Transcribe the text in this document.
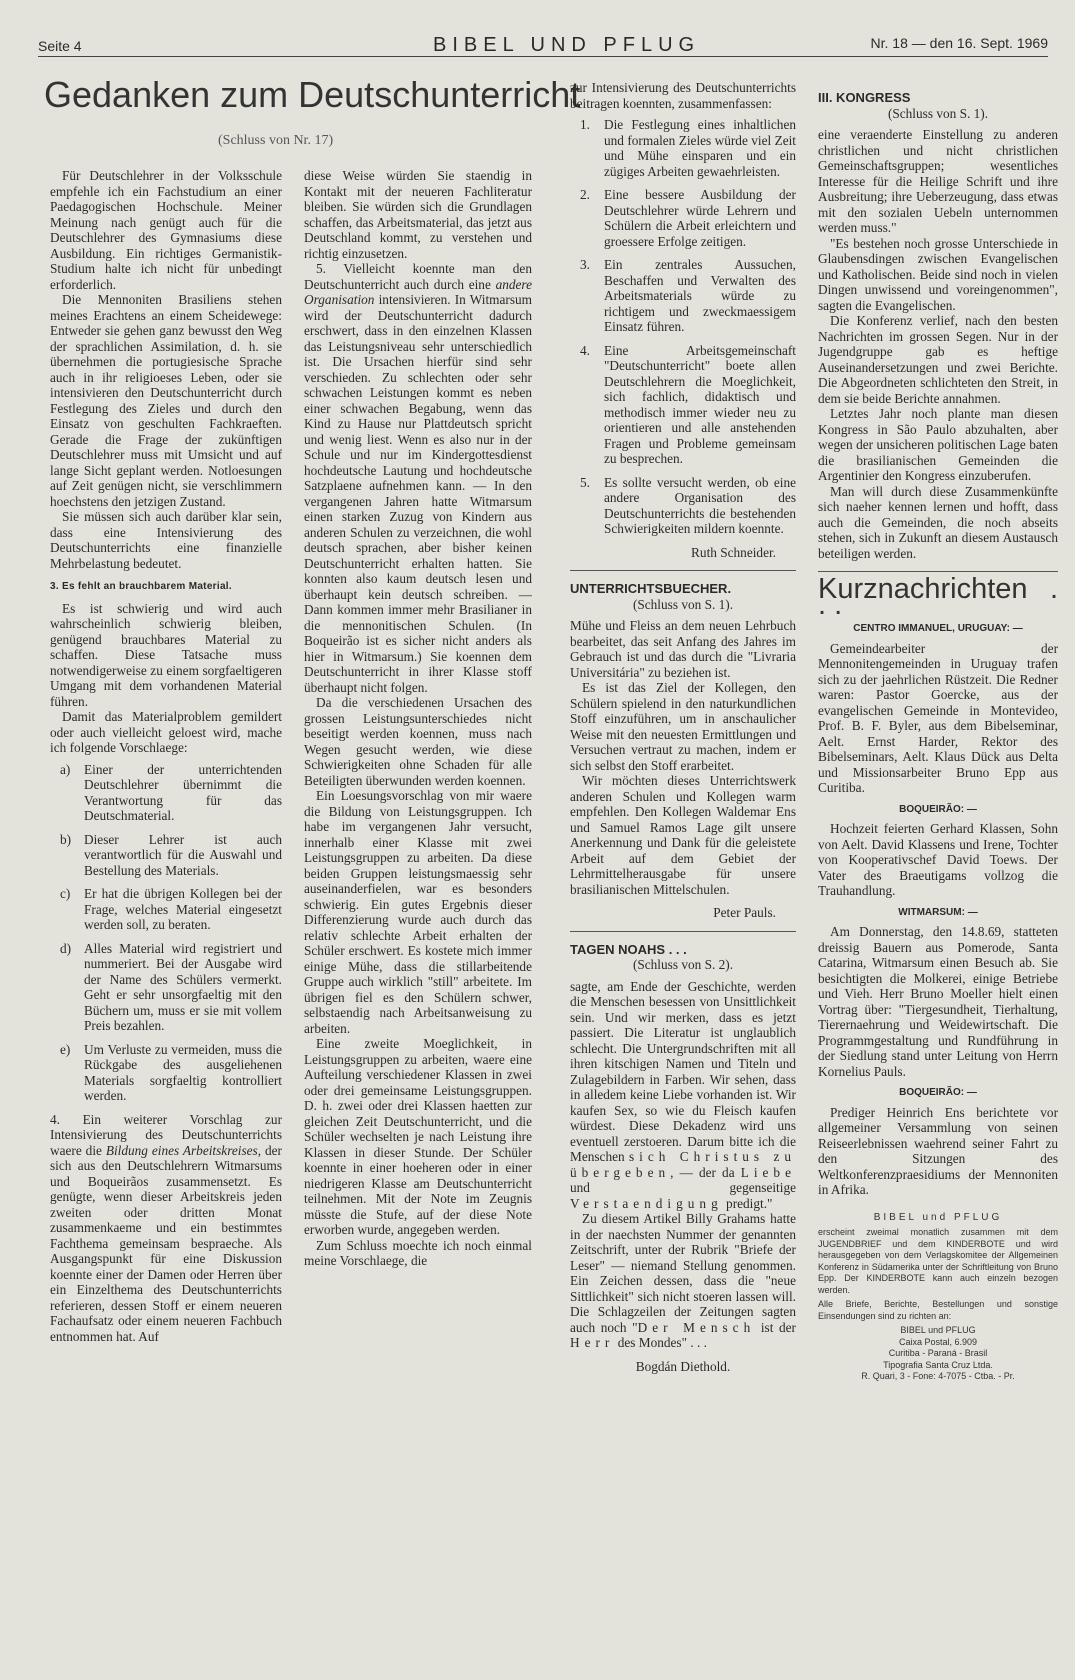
Seite 4	BIBEL UND PFLUG	Nr. 18 — den 16. Sept. 1969
Gedanken zum Deutschunterricht
(Schluss von Nr. 17)

Für Deutschlehrer in der Volksschule empfehle ich ein Fachstudium an einer Paedagogischen Hochschule. Meiner Meinung nach genügt auch für die Deutschlehrer des Gymnasiums diese Ausbildung. Ein richtiges Germanistik-Studium halte ich nicht für unbedingt erforderlich.

Die Mennoniten Brasiliens stehen meines Erachtens an einem Scheidewege: Entweder sie gehen ganz bewusst den Weg der sprachlichen Assimilation, d. h. sie übernehmen die portugiesische Sprache auch in ihr religioeses Leben, oder sie intensivieren den Deutschunterricht durch Festlegung des Zieles und durch den Einsatz von geschulten Fachkraeften. Gerade die Frage der zukünftigen Deutschlehrer muss mit Umsicht und auf lange Sicht geplant werden. Notloesungen auf Zeit genügen nicht, sie verschlimmern hoechstens den jetzigen Zustand.

Sie müssen sich auch darüber klar sein, dass eine Intensivierung des Deutschunterrichts eine finanzielle Mehrbelastung bedeutet.

3. Es fehlt an brauchbarem Material.

Es ist schwierig und wird auch wahrscheinlich schwierig bleiben, genügend brauchbares Material zu schaffen. Diese Tatsache muss notwendigerweise zu einem sorgfaeltigeren Umgang mit dem vorhandenen Material führen.

Damit das Materialproblem gemildert oder auch vielleicht geloest wird, mache ich folgende Vorschlaege:

a) Einer der unterrichtenden Deutschlehrer übernimmt die Verantwortung für das Deutschmaterial.
b) Dieser Lehrer ist auch verantwortlich für die Auswahl und Bestellung des Materials.
c) Er hat die übrigen Kollegen bei der Frage, welches Material eingesetzt werden soll, zu beraten.
d) Alles Material wird registriert und nummeriert. Bei der Ausgabe wird der Name des Schülers vermerkt. Geht er sehr unsorgfaeltig mit den Büchern um, muss er sie mit vollem Preis bezahlen.
e) Um Verluste zu vermeiden, muss die Rückgabe des ausgeliehenen Materials sorgfaeltig kontrolliert werden.

4. Ein weiterer Vorschlag zur Intensivierung des Deutschunterrichts waere die Bildung eines Arbeitskreises, der sich aus den Deutschlehrern Witmarsums und Boqueirãos zusammensetzt. Es genügte, wenn dieser Arbeitskreis jeden zweiten oder dritten Monat zusammenkaeme und ein bestimmtes Fachthema gemeinsam bespraeche. Als Ausgangspunkt für eine Diskussion koennte einer der Damen oder Herren über ein Einzelthema des Deutschunterrichts referieren, dessen Stoff er einem neueren Fachaufsatz oder einem neueren Fachbuch entnommen hat. Auf

diese Weise würden Sie staendig in Kontakt mit der neueren Fachliteratur bleiben. Sie würden sich die Grundlagen schaffen, das Arbeitsmaterial, das jetzt aus Deutschland kommt, zu verstehen und richtig einzusetzen.

5. Vielleicht koennte man den Deutschunterricht auch durch eine andere Organisation intensivieren. In Witmarsum wird der Deutschunterricht dadurch erschwert, dass in den einzelnen Klassen das Leistungsniveau sehr unterschiedlich ist. Die Ursachen hierfür sind sehr verschieden. Zu schlechten oder sehr schwachen Leistungen kommt es neben einer schwachen Begabung, wenn das Kind zu Hause nur Plattdeutsch spricht und wenig liest. Wenn es also nur in der Schule und nur im Kindergottesdienst hochdeutsche Lautung und hochdeutsche Satzplaene aufnehmen kann. — In den vergangenen Jahren hatte Witmarsum einen starken Zuzug von Kindern aus anderen Schulen zu verzeichnen, die wohl deutsch sprachen, aber bisher keinen Deutschunterricht erhalten hatten. Sie konnten also kaum deutsch lesen und überhaupt kein deutsch schreiben. — Dann kommen immer mehr Brasilianer in die mennonitischen Schulen. (In Boqueirão ist es sicher nicht anders als hier in Witmarsum.) Sie koennen dem Deutschunterricht in ihrer Klasse stoff überhaupt nicht folgen.

Da die verschiedenen Ursachen des grossen Leistungsunterschiedes nicht beseitigt werden koennen, muss nach Wegen gesucht werden, wie diese Schwierigkeiten ohne Schaden für alle Beteiligten überwunden werden koennen.

Ein Loesungsvorschlag von mir waere die Bildung von Leistungsgruppen. Ich habe im vergangenen Jahr versucht, innerhalb einer Klasse mit zwei Leistungsgruppen zu arbeiten. Da diese beiden Gruppen leistungsmaessig sehr auseinanderfielen, war es besonders schwierig. Ein gutes Ergebnis dieser Differenzierung wurde auch durch das relativ schlechte Arbeit erhalten der Schüler erschwert. Es kostete mich immer einige Mühe, dass die stillarbeitende Gruppe auch wirklich "still" arbeitete. Im übrigen fiel es den Schülern schwer, selbstaendig nach Arbeitsanweisung zu arbeiten.

Eine zweite Moeglichkeit, in Leistungsgruppen zu arbeiten, waere eine Aufteilung verschiedener Klassen in zwei oder drei gemeinsame Leistungsgruppen. D. h. zwei oder drei Klassen haetten zur gleichen Zeit Deutschunterricht, und die Schüler wechselten je nach Leistung ihre Klassen in dieser Stunde. Der Schüler koennte in einer hoeheren oder in einer niedrigeren Klasse am Deutschunterricht teilnehmen. Mit der Note im Zeugnis müsste die Stufe, auf der diese Note erworben wurde, angegeben werden.

Zum Schluss moechte ich noch einmal meine Vorschlaege, die

zur Intensivierung des Deutschunterrichts beitragen koennten, zusammenfassen:

1. Die Festlegung eines inhaltlichen und formalen Zieles würde viel Zeit und Mühe einsparen und ein zügiges Arbeiten gewaehrleisten.
2. Eine bessere Ausbildung der Deutschlehrer würde Lehrern und Schülern die Arbeit erleichtern und groessere Erfolge zeitigen.
3. Ein zentrales Aussuchen, Beschaffen und Verwalten des Arbeitsmaterials würde zu richtigem und zweckmaessigem Einsatz führen.
4. Eine Arbeitsgemeinschaft "Deutschunterricht" boete allen Deutschlehrern die Moeglichkeit, sich fachlich, didaktisch und methodisch immer wieder neu zu orientieren und alle anstehenden Fragen und Probleme gemeinsam zu besprechen.
5. Es sollte versucht werden, ob eine andere Organisation des Deutschunterrichts die bestehenden Schwierigkeiten mildern koennte.
Ruth Schneider.
UNTERRICHTSBUECHER.
(Schluss von S. 1).

Mühe und Fleiss an dem neuen Lehrbuch bearbeitet, das seit Anfang des Jahres im Gebrauch ist und das durch die "Livraria Universitária" zu beziehen ist.

Es ist das Ziel der Kollegen, den Schülern spielend in den naturkundlichen Stoff einzuführen, um in anschaulicher Weise mit den neuesten Ermittlungen und Versuchen vertraut zu machen, indem er sich selbst den Stoff erarbeitet.

Wir möchten dieses Unterrichtswerk anderen Schulen und Kollegen warm empfehlen. Den Kollegen Waldemar Ens und Samuel Ramos Lage gilt unsere Anerkennung und Dank für die geleistete Arbeit auf dem Gebiet der Lehrmittelherausgabe für unsere brasilianischen Mittelschulen.

Peter Pauls.
TAGEN NOAHS . . .
(Schluss von S. 2).

sagte, am Ende der Geschichte, werden die Menschen besessen von Unsittlichkeit sein. Und wir merken, dass es jetzt passiert. Die Literatur ist unglaublich schlecht. Die Untergrundschriften mit all ihren kitschigen Namen und Titeln und Zulagebildern in Farben. Wir sehen, dass in alledem keine Liebe vorhanden ist. Wir kaufen Sex, so wie du Fleisch kaufen würdest. Diese Dekadenz wird uns eventuell zerstoeren. Darum bitte ich die Menschen sich Christus zu übergeben, — der da Liebe und gegenseitige Verstaendigung predigt."

Zu diesem Artikel Billy Grahams hatte in der naechsten Nummer der genannten Zeitschrift, unter der Rubrik "Briefe der Leser" — niemand Stellung genommen. Ein Zeichen dessen, dass die "neue Sittlichkeit" sich nicht stoeren lassen will. Die Schlagzeilen der Zeitungen sagten auch noch "Der Mensch ist der Herr des Mondes" . . .

Bogdán Diethold.
III. KONGRESS
(Schluss von S. 1).

eine veraenderte Einstellung zu anderen christlichen und nicht christlichen Gemeinschaftsgruppen; wesentliches Interesse für die Heilige Schrift und ihre Ausbreitung; ihre Ueberzeugung, dass etwas mit den sozialen Uebeln unternommen werden muss."

"Es bestehen noch grosse Unterschiede in Glaubensdingen zwischen Evangelischen und Katholischen. Beide sind noch in vielen Dingen unwissend und voreingenommen", sagten die Evangelischen.

Die Konferenz verlief, nach den besten Nachrichten im grossen Segen. Nur in der Jugendgruppe gab es heftige Auseinandersetzungen und zwei Berichte. Die Abgeordneten schlichteten den Streit, in dem sie beide Berichte annahmen.

Letztes Jahr noch plante man diesen Kongress in São Paulo abzuhalten, aber wegen der unsicheren politischen Lage baten die brasilianischen Gemeinden die Argentinier den Kongress einzuberufen.

Man will durch diese Zusammenkünfte sich naeher kennen lernen und hofft, dass auch die Gemeinden, die noch abseits stehen, sich in Zukunft an diesem Austausch beteiligen werden.

Kurznachrichten . . .
CENTRO IMMANUEL, URUGUAY: —

Gemeindearbeiter der Mennonitengemeinden in Uruguay trafen sich zu der jaehrlichen Rüstzeit. Die Redner waren: Pastor Goercke, aus der evangelischen Gemeinde in Montevideo, Prof. B. F. Byler, aus dem Bibelseminar, Aelt. Ernst Harder, Rektor des Bibelseminars, Aelt. Klaus Dück aus Delta und Missionsarbeiter Bruno Epp aus Curitiba.

BOQUEIRÃO: —

Hochzeit feierten Gerhard Klassen, Sohn von Aelt. David Klassens und Irene, Tochter von Kooperativschef David Toews. Der Vater des Braeutigams vollzog die Trauhandlung.

WITMARSUM: —

Am Donnerstag, den 14.8.69, statteten dreissig Bauern aus Pomerode, Santa Catarina, Witmarsum einen Besuch ab. Sie besichtigten die Molkerei, einige Betriebe und Vieh. Herr Bruno Moeller hielt einen Vortrag über: "Tiergesundheit, Tierhaltung, Tierernaehrung und Weidewirtschaft. Die Programmgestaltung und Rundführung in der Siedlung stand unter Leitung von Herrn Kornelius Pauls.

BOQUEIRÃO: —

Prediger Heinrich Ens berichtete vor allgemeiner Versammlung von seinen Reiseerlebnissen waehrend seiner Fahrt zu den Sitzungen des Weltkonferenzpraesidiums der Mennoniten in Afrika.

BIBEL und PFLUG
erscheint zweimal monatlich zusammen mit dem JUGENDBRIEF und dem KINDERBOTE und wird herausgegeben von dem Verlagskomitee der Allgemeinen Konferenz in Südamerika unter der Schriftleitung von Bruno Epp. Der KINDERBOTE kann auch einzeln bezogen werden.
Alle Briefe, Berichte, Bestellungen und sonstige Einsendungen sind zu richten an:
BIBEL und PFLUG
Caixa Postal, 6.909
Curitiba - Paraná - Brasil
Tipografia Santa Cruz Ltda.
R. Quari, 3 - Fone: 4-7075 - Ctba. - Pr.
